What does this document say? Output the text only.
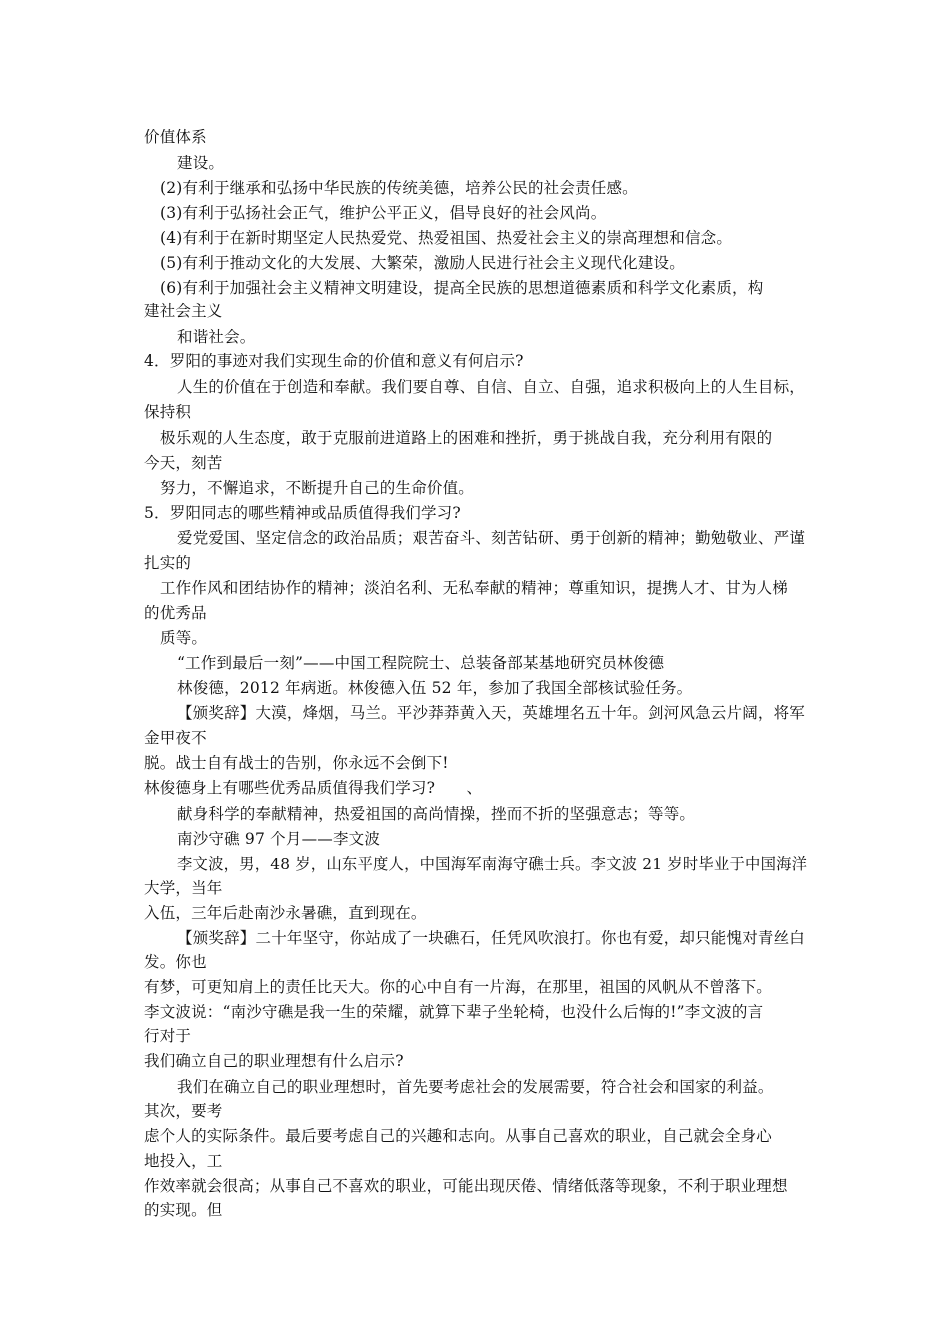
价值体系
建设。
(2)有利于继承和弘扬中华民族的传统美德，培养公民的社会责任感。
(3)有利于弘扬社会正气，维护公平正义，倡导良好的社会风尚。
(4)有利于在新时期坚定人民热爱党、热爱祖国、热爱社会主义的崇高理想和信念。
(5)有利于推动文化的大发展、大繁荣，激励人民进行社会主义现代化建设。
(6)有利于加强社会主义精神文明建设，提高全民族的思想道德素质和科学文化素质，构
建社会主义
和谐社会。
4．罗阳的事迹对我们实现生命的价值和意义有何启示?
人生的价值在于创造和奉献。我们要自尊、自信、自立、自强，追求积极向上的人生目标，
保持积
极乐观的人生态度，敢于克服前进道路上的困难和挫折，勇于挑战自我，充分利用有限的
今天，刻苦
努力，不懈追求，不断提升自己的生命价值。
5．罗阳同志的哪些精神或品质值得我们学习?
爱党爱国、坚定信念的政治品质；艰苦奋斗、刻苦钻研、勇于创新的精神；勤勉敬业、严谨
扎实的
工作作风和团结协作的精神；淡泊名利、无私奉献的精神；尊重知识，提携人才、甘为人梯
的优秀品
质等。
“工作到最后一刻”——中国工程院院士、总装备部某基地研究员林俊德
林俊德，2012 年病逝。林俊德入伍 52 年，参加了我国全部核试验任务。
【颁奖辞】大漠，烽烟，马兰。平沙莽莽黄入天，英雄埋名五十年。剑河风急云片阔，将军
金甲夜不
脱。战士自有战士的告别，你永远不会倒下!
林俊德身上有哪些优秀品质值得我们学习?　　、
献身科学的奉献精神，热爱祖国的高尚情操，挫而不折的坚强意志；等等。
南沙守礁 97 个月——李文波
李文波，男，48 岁，山东平度人，中国海军南海守礁士兵。李文波 21 岁时毕业于中国海洋
大学，当年
入伍，三年后赴南沙永暑礁，直到现在。
【颁奖辞】二十年坚守，你站成了一块礁石，任凭风吹浪打。你也有爱，却只能愧对青丝白
发。你也
有梦，可更知肩上的责任比天大。你的心中自有一片海，在那里，祖国的风帆从不曾落下。
李文波说：“南沙守礁是我一生的荣耀，就算下辈子坐轮椅，也没什么后悔的!”李文波的言
行对于
我们确立自己的职业理想有什么启示?
我们在确立自己的职业理想时，首先要考虑社会的发展需要，符合社会和国家的利益。
其次，要考
虑个人的实际条件。最后要考虑自己的兴趣和志向。从事自己喜欢的职业，自己就会全身心
地投入，工
作效率就会很高；从事自己不喜欢的职业，可能出现厌倦、情绪低落等现象，不利于职业理想
的实现。但
